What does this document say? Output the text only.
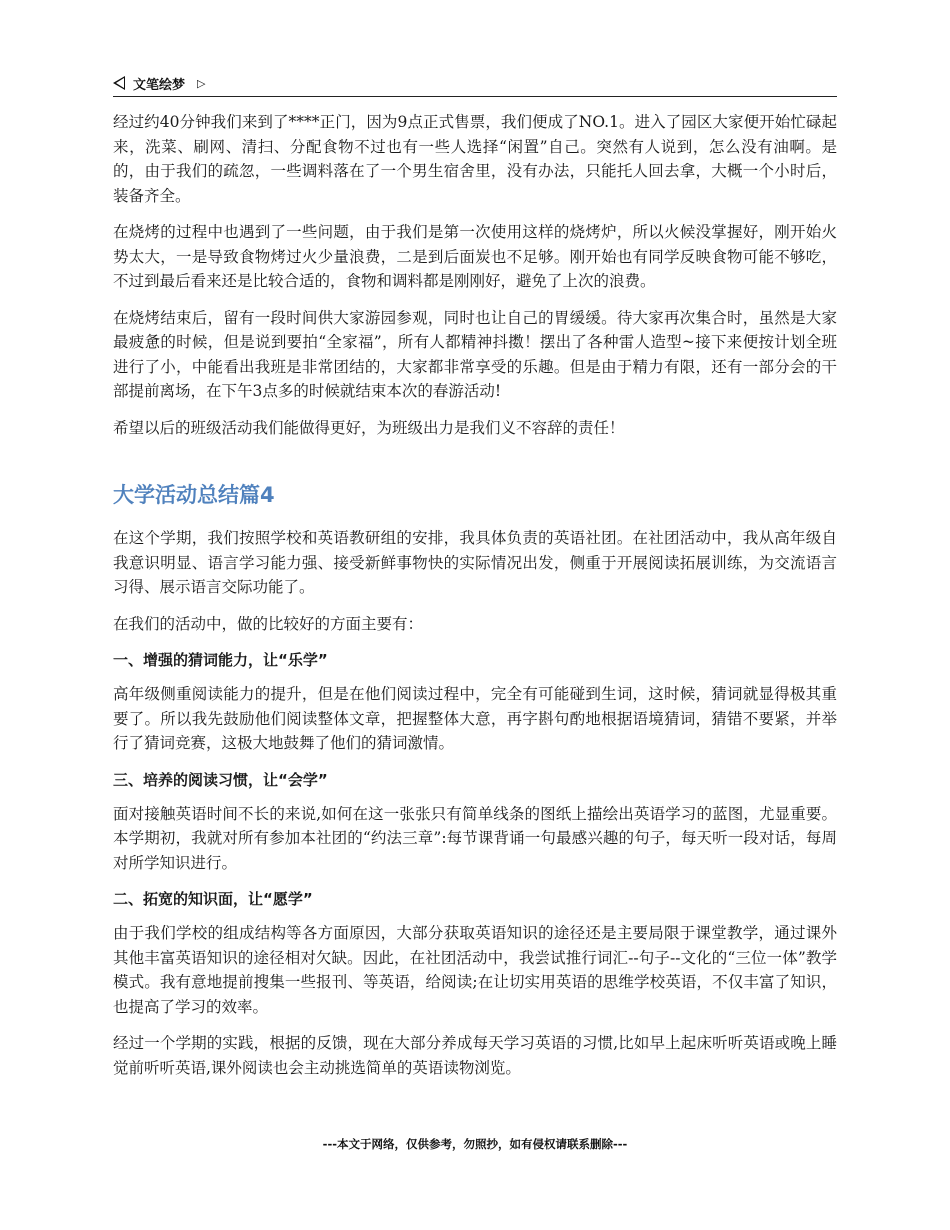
文笔绘梦 ▷

经过约40分钟我们来到了****正门，因为9点正式售票，我们便成了NO.1。进入了园区大家便开始忙碌起来，洗菜、刷网、清扫、分配食物不过也有一些人选择“闲置”自己。突然有人说到，怎么没有油啊。是的，由于我们的疏忽，一些调料落在了一个男生宿舍里，没有办法，只能托人回去拿，大概一个小时后，装备齐全。

在烧烤的过程中也遇到了一些问题，由于我们是第一次使用这样的烧烤炉，所以火候没掌握好，刚开始火势太大，一是导致食物烤过火少量浪费，二是到后面炭也不足够。刚开始也有同学反映食物可能不够吃，不过到最后看来还是比较合适的，食物和调料都是刚刚好，避免了上次的浪费。

在烧烤结束后，留有一段时间供大家游园参观，同时也让自己的胃缓缓。待大家再次集合时，虽然是大家最疲惫的时候，但是说到要拍“全家福”，所有人都精神抖擞！摆出了各种雷人造型~接下来便按计划全班进行了小，中能看出我班是非常团结的，大家都非常享受的乐趣。但是由于精力有限，还有一部分会的干部提前离场，在下午3点多的时候就结束本次的春游活动!

希望以后的班级活动我们能做得更好，为班级出力是我们义不容辞的责任！

大学活动总结篇4

在这个学期，我们按照学校和英语教研组的安排，我具体负责的英语社团。在社团活动中，我从高年级自我意识明显、语言学习能力强、接受新鲜事物快的实际情况出发，侧重于开展阅读拓展训练，为交流语言习得、展示语言交际功能了。

在我们的活动中，做的比较好的方面主要有：

一、增强的猜词能力，让“乐学”

高年级侧重阅读能力的提升，但是在他们阅读过程中，完全有可能碰到生词，这时候，猜词就显得极其重要了。所以我先鼓励他们阅读整体文章，把握整体大意，再字斟句酌地根据语境猜词，猜错不要紧，并举行了猜词竞赛，这极大地鼓舞了他们的猜词激情。

三、培养的阅读习惯，让“会学”

面对接触英语时间不长的来说,如何在这一张张只有简单线条的图纸上描绘出英语学习的蓝图，尤显重要。本学期初，我就对所有参加本社团的“约法三章”:每节课背诵一句最感兴趣的句子，每天听一段对话，每周对所学知识进行。

二、拓宽的知识面，让“愿学”

由于我们学校的组成结构等各方面原因，大部分获取英语知识的途径还是主要局限于课堂教学，通过课外其他丰富英语知识的途径相对欠缺。因此，在社团活动中，我尝试推行词汇--句子--文化的“三位一体”教学模式。我有意地提前搜集一些报刊、等英语，给阅读;在让切实用英语的思维学校英语，不仅丰富了知识，也提高了学习的效率。

经过一个学期的实践，根据的反馈，现在大部分养成每天学习英语的习惯,比如早上起床听听英语或晚上睡觉前听听英语,课外阅读也会主动挑选简单的英语读物浏览。

---本文于网络，仅供参考，勿照抄，如有侵权请联系删除---
